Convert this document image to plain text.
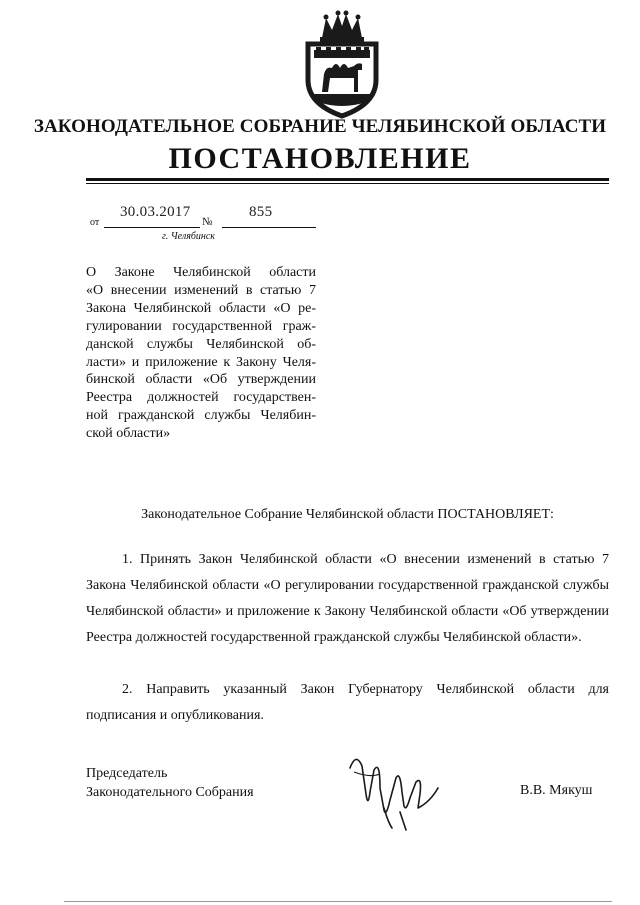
ЗАКОНОДАТЕЛЬНОЕ СОБРАНИЕ ЧЕЛЯБИНСКОЙ ОБЛАСТИ
ПОСТАНОВЛЕНИЕ
от
30.03.2017
№
855
г. Челябинск
О Законе Челябинской области
«О внесении изменений в статью 7
Закона Челябинской области «О ре-
гулировании государственной граж-
данской службы Челябинской об-
ласти» и приложение к Закону Челя-
бинской области «Об утверждении
Реестра должностей государствен-
ной гражданской службы Челябин-
ской области»
Законодательное Собрание Челябинской области ПОСТАНОВЛЯЕТ:
1. Принять Закон Челябинской области «О внесении изменений в статью 7 Закона Челябинской области «О регулировании государственной гражданской службы Челябинской области» и приложение к Закону Челябинской области «Об утверждении Реестра должностей государственной гражданской службы Челябинской области».
2. Направить указанный Закон Губернатору Челябинской области для подписания и опубликования.
Председатель
Законодательного Собрания	В.В. Мякуш
